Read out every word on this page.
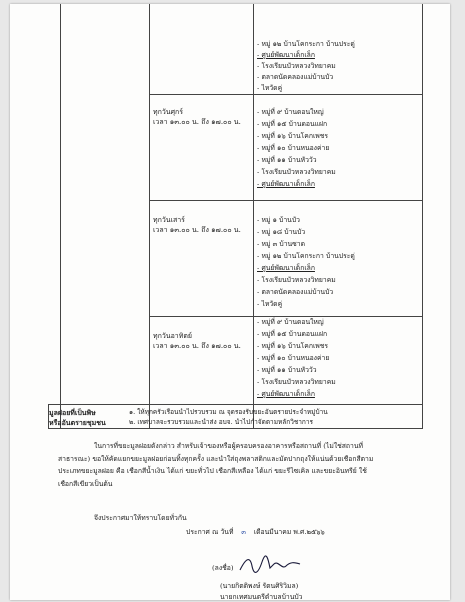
- หมู่ ๑๒ บ้านโคกระกา บ้านประดู่
- ศูนย์พัฒนาเด็กเล็ก
- โรงเรียนบัวหลวงวิทยาคม
- ตลาดนัดคลองแม่บ้านบัว
- ไหวัดคู่
ทุกวันศุกร์
เวลา ๑๓.๐๐ น. ถึง ๑๗.๐๐ น.
- หมู่ที่ ๙ บ้านดอนใหญ่
- หมู่ที่ ๑๕ บ้านดอนแฝก
- หมู่ที่ ๑๖ บ้านโคกเพชร
- หมู่ที่ ๑๐ บ้านหนองค่าย
- หมู่ที่ ๑๑ บ้านหัววัว
- โรงเรียนบัวหลวงวิทยาคม
- ศูนย์พัฒนาเด็กเล็ก
ทุกวันเสาร์
เวลา ๑๓.๐๐ น. ถึง ๑๗.๐๐ น.
- หมู่ ๑ บ้านบัว
- หมู่ ๑๘ บ้านบัว
- หมู่ ๓ บ้านซาด
- หมู่ ๑๒ บ้านโคกระกา บ้านประดู่
- ศูนย์พัฒนาเด็กเล็ก
- โรงเรียนบัวหลวงวิทยาคม
- ตลาดนัดคลองแม่บ้านบัว
- ไหวัดคู่
ทุกวันอาทิตย์
เวลา ๑๓.๐๐ น. ถึง ๑๗.๐๐ น.
- หมู่ที่ ๙ บ้านดอนใหญ่
- หมู่ที่ ๑๕ บ้านดอนแฝก
- หมู่ที่ ๑๖ บ้านโคกเพชร
- หมู่ที่ ๑๐ บ้านหนองค่าย
- หมู่ที่ ๑๑ บ้านหัววัว
- โรงเรียนบัวหลวงวิทยาคม
- ศูนย์พัฒนาเด็กเล็ก
มูลฝอยที่เป็นพิษ
หรืออันตรายชุมชน
๑. ให้ทุกครัวเรือนนำไปรวบรวม ณ จุดรองรับขยะอันตรายประจำหมู่บ้าน
๒. เทศบาลจะรวบรวมและนำส่ง อบจ. นำไปกำจัดตามหลักวิชาการ
ในการที่ขยะมูลฝอยดังกล่าว สำหรับเจ้าของหรือผู้ครอบครองอาคารหรือสถานที่ (ไม่ใช่สถานที่
สาธารณะ) ขอให้คัดแยกขยะมูลฝอยก่อนทิ้งทุกครั้ง และนำใส่ถุงพลาสติกและมัดปากถุงให้แน่นด้วยเชือกสีตาม
ประเภทขยะมูลฝอย คือ เชือกสีน้ำเงิน ได้แก่ ขยะทั่วไป เชือกสีเหลือง ได้แก่ ขยะรีไซเคิล และขยะอินทรีย์ ใช้
เชือกสีเขียวเป็นต้น
จึงประกาศมาให้ทราบโดยทั่วกัน
ประกาศ ณ วันที่ ๓ เดือนมีนาคม พ.ศ.๒๕๖๖
(ลงชื่อ)
(นายกิตติพงษ์ รัตนศิริวิมล)
นายกเทศมนตรีตำบลบ้านบัว
